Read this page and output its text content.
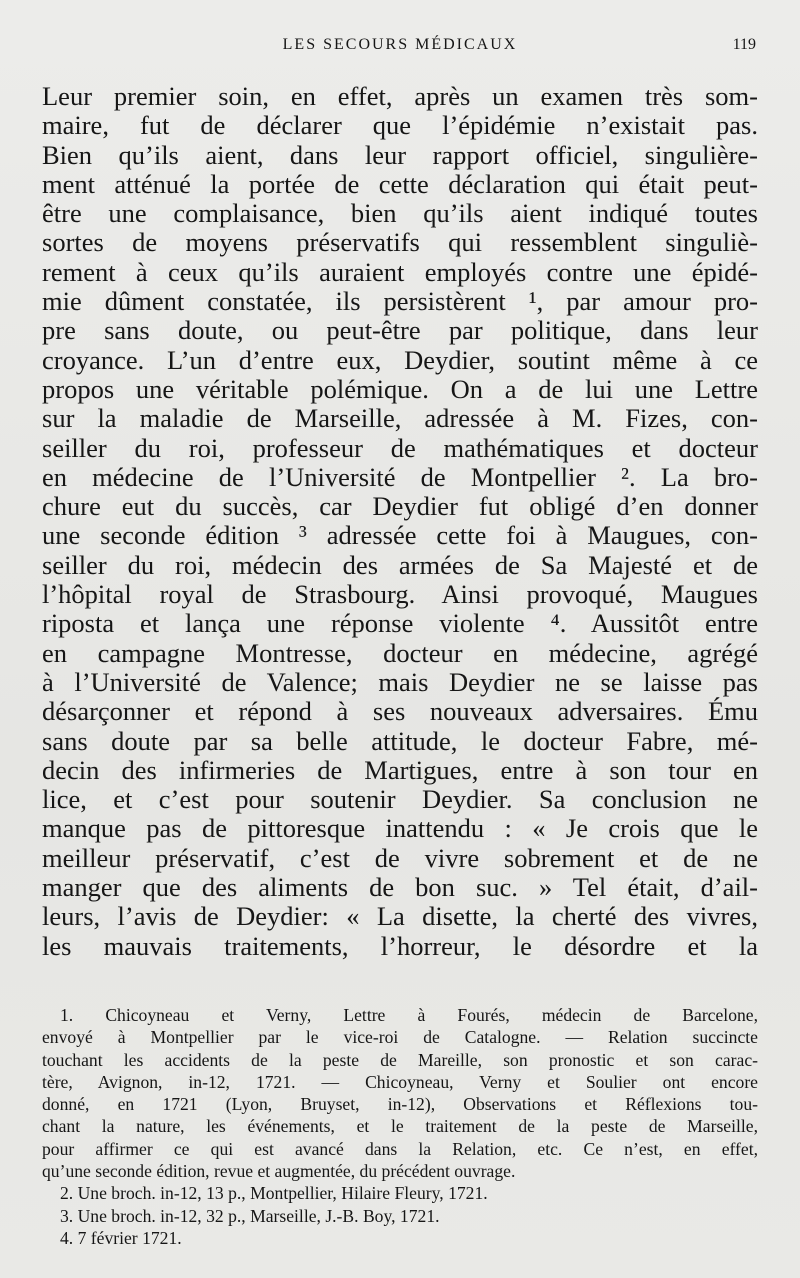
LES SECOURS MÉDICAUX	119
Leur premier soin, en effet, après un examen très som-
maire, fut de déclarer que l’épidémie n’existait pas.
Bien qu’ils aient, dans leur rapport officiel, singulière-
ment atténué la portée de cette déclaration qui était peut-
être une complaisance, bien qu’ils aient indiqué toutes
sortes de moyens préservatifs qui ressemblent singuliè-
rement à ceux qu’ils auraient employés contre une épidé-
mie dûment constatée, ils persistèrent ¹, par amour pro-
pre sans doute, ou peut-être par politique, dans leur
croyance. L’un d’entre eux, Deydier, soutint même à ce
propos une véritable polémique. On a de lui une Lettre
sur la maladie de Marseille, adressée à M. Fizes, con-
seiller du roi, professeur de mathématiques et docteur
en médecine de l’Université de Montpellier ². La bro-
chure eut du succès, car Deydier fut obligé d’en donner
une seconde édition ³ adressée cette foi à Maugues, con-
seiller du roi, médecin des armées de Sa Majesté et de
l’hôpital royal de Strasbourg. Ainsi provoqué, Maugues
riposta et lança une réponse violente ⁴. Aussitôt entre
en campagne Montresse, docteur en médecine, agrégé
à l’Université de Valence; mais Deydier ne se laisse pas
désarçonner et répond à ses nouveaux adversaires. Ému
sans doute par sa belle attitude, le docteur Fabre, mé-
decin des infirmeries de Martigues, entre à son tour en
lice, et c’est pour soutenir Deydier. Sa conclusion ne
manque pas de pittoresque inattendu : « Je crois que le
meilleur préservatif, c’est de vivre sobrement et de ne
manger que des aliments de bon suc. » Tel était, d’ail-
leurs, l’avis de Deydier: « La disette, la cherté des vivres,
les mauvais traitements, l’horreur, le désordre et la
1. Chicoyneau et Verny, Lettre à Fourés, médecin de Barcelone,
envoyé à Montpellier par le vice-roi de Catalogne. — Relation succincte
touchant les accidents de la peste de Mareille, son pronostic et son carac-
tère, Avignon, in-12, 1721. — Chicoyneau, Verny et Soulier ont encore
donné, en 1721 (Lyon, Bruyset, in-12), Observations et Réflexions tou-
chant la nature, les événements, et le traitement de la peste de Marseille,
pour affirmer ce qui est avancé dans la Relation, etc. Ce n’est, en effet,
qu’une seconde édition, revue et augmentée, du précédent ouvrage.
2. Une broch. in-12, 13 p., Montpellier, Hilaire Fleury, 1721.
3. Une broch. in-12, 32 p., Marseille, J.-B. Boy, 1721.
4. 7 février 1721.
